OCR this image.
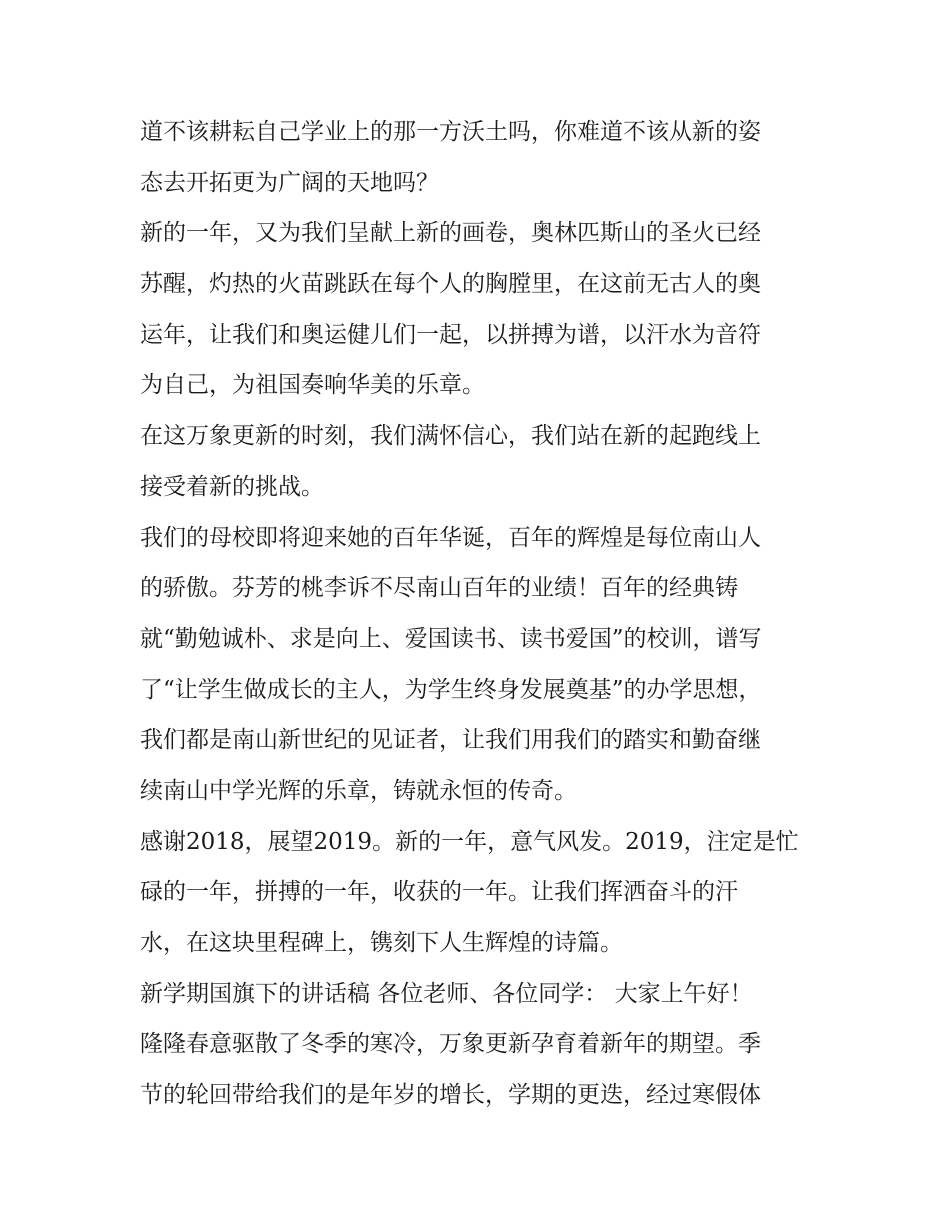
道不该耕耘自己学业上的那一方沃土吗，你难道不该从新的姿
态去开拓更为广阔的天地吗？
新的一年，又为我们呈献上新的画卷，奥林匹斯山的圣火已经
苏醒，灼热的火苗跳跃在每个人的胸膛里，在这前无古人的奥
运年，让我们和奥运健儿们一起，以拼搏为谱，以汗水为音符
为自己，为祖国奏响华美的乐章。
在这万象更新的时刻，我们满怀信心，我们站在新的起跑线上
接受着新的挑战。
我们的母校即将迎来她的百年华诞，百年的辉煌是每位南山人
的骄傲。芬芳的桃李诉不尽南山百年的业绩！百年的经典铸
就“勤勉诚朴、求是向上、爱国读书、读书爱国”的校训，谱写
了“让学生做成长的主人，为学生终身发展奠基”的办学思想，
我们都是南山新世纪的见证者，让我们用我们的踏实和勤奋继
续南山中学光辉的乐章，铸就永恒的传奇。
感谢2018，展望2019。新的一年，意气风发。2019，注定是忙
碌的一年，拼搏的一年，收获的一年。让我们挥洒奋斗的汗
水，在这块里程碑上，镌刻下人生辉煌的诗篇。
新学期国旗下的讲话稿 各位老师、各位同学： 大家上午好！
隆隆春意驱散了冬季的寒冷，万象更新孕育着新年的期望。季
节的轮回带给我们的是年岁的增长，学期的更迭，经过寒假体
